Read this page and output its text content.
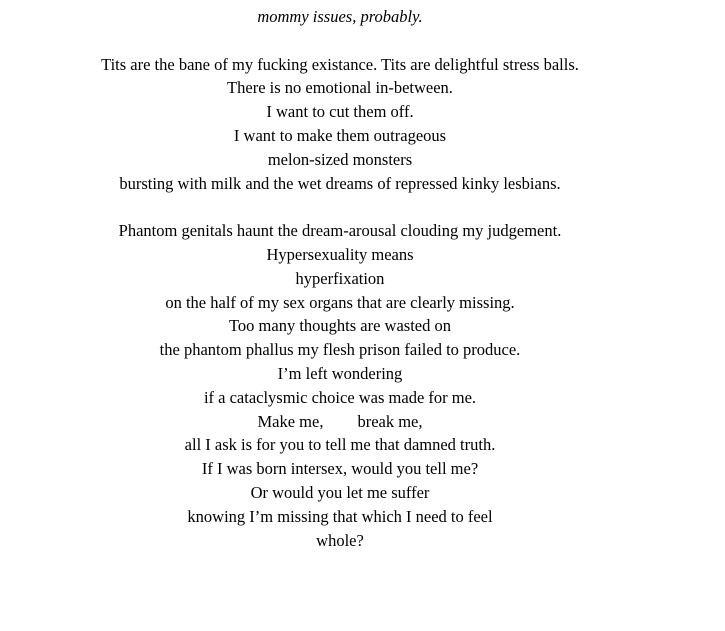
mommy issues, probably.
Tits are the bane of my fucking existance. Tits are delightful stress balls.
There is no emotional in-between.
I want to cut them off.
I want to make them outrageous
melon-sized monsters
bursting with milk and the wet dreams of repressed kinky lesbians.
Phantom genitals haunt the dream-arousal clouding my judgement.
Hypersexuality means
hyperfixation
on the half of my sex organs that are clearly missing.
Too many thoughts are wasted on
the phantom phallus my flesh prison failed to produce.
I’m left wondering
if a cataclysmic choice was made for me.
Make me, break me,
all I ask is for you to tell me that damned truth.
If I was born intersex, would you tell me?
Or would you let me suffer
knowing I’m missing that which I need to feel
whole?
